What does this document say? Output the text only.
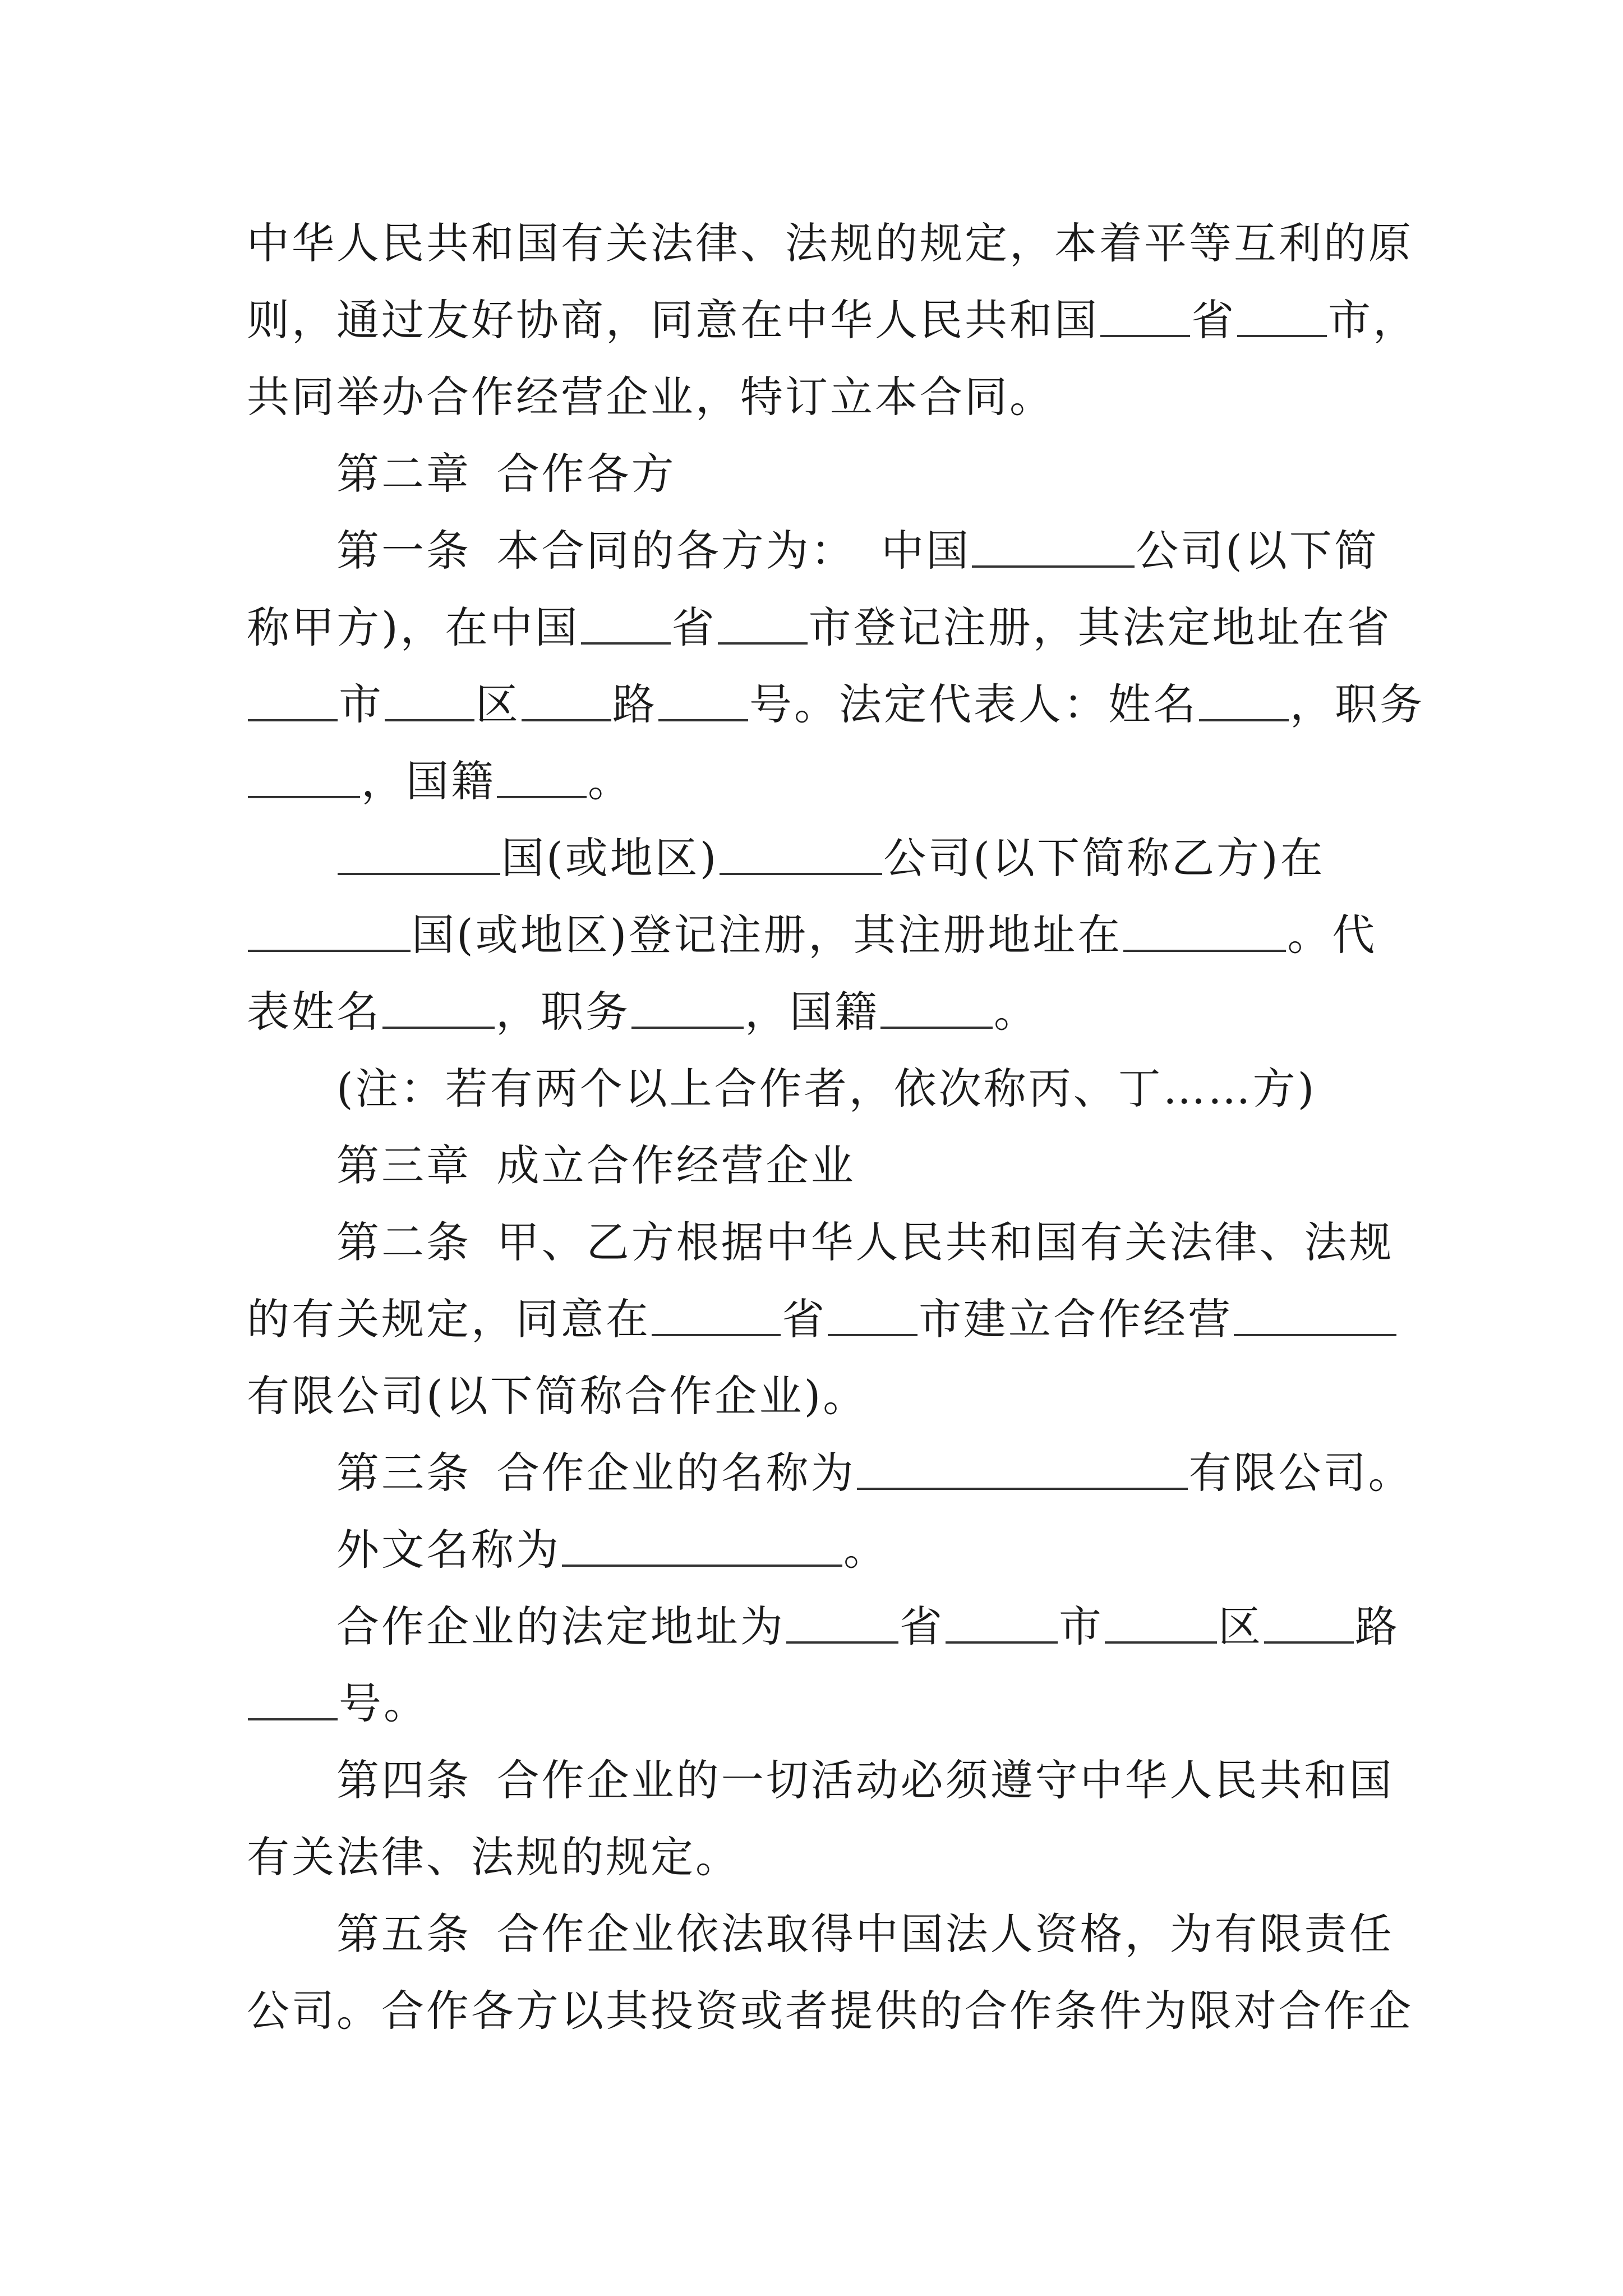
中华人民共和国有关法律、法规的规定，本着平等互利的原
则，通过友好协商，同意在中华人民共和国 省 市，
共同举办合作经营企业，特订立本合同。
第二章 合作各方
第一条 本合同的各方为： 中国	公司(以下简
称甲方)，在中国 省 市登记注册，其法定地址在省
市 区 路 号。法定代表人：姓名 ，职务
，国籍 。
国(或地区)	公司(以下简称乙方)在
国(或地区)登记注册，其注册地址在	。代
表姓名	，职务	，国籍	。
(注：若有两个以上合作者，依次称丙、丁……方)
第三章 成立合作经营企业
第二条 甲、乙方根据中华人民共和国有关法律、法规
的有关规定，同意在	省 市建立合作经营
有限公司(以下简称合作企业)。
第三条 合作企业的名称为	有限公司。
外文名称为	。
合作企业的法定地址为	省	市	区 路
号。
第四条 合作企业的一切活动必须遵守中华人民共和国
有关法律、法规的规定。
第五条 合作企业依法取得中国法人资格，为有限责任
公司。合作各方以其投资或者提供的合作条件为限对合作企
